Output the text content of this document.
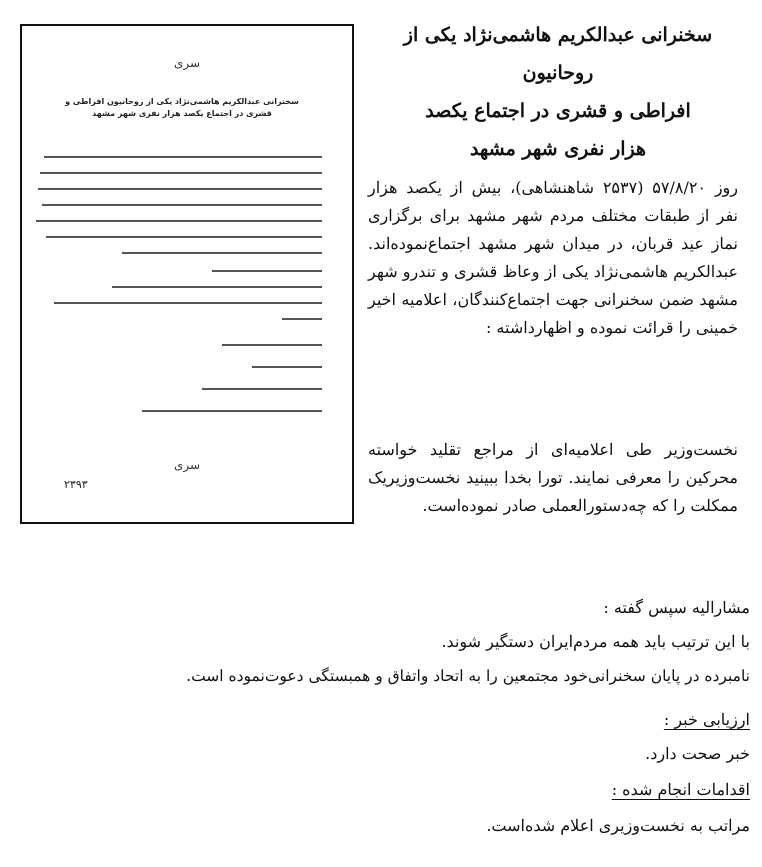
سری
سخنرانی عبدالکریم هاشمی‌نژاد یکی از روحانیون افراطی و قشری در اجتماع یکصد هزار نفری شهر مشهد
سری
۲۳۹۳
سخنرانی عبدالکریم هاشمی‌نژاد یکی از روحانیون
افراطی و قشری در اجتماع یکصد
هزار نفری شهر مشهد
روز ۵۷/۸/۲۰ (۲۵۳۷ شاهنشاهی)، بیش از یکصد هزار نفر از طبقات مختلف مردم شهر مشهد برای برگزاری نماز عید قربان، در میدان شهر مشهد اجتماع‌نموده‌اند. عبدالکریم هاشمی‌نژاد یکی از وعاظ قشری و تندرو شهر مشهد ضمن سخنرانی جهت اجتماع‌کنندگان، اعلامیه اخیر خمینی را قرائت نموده و اظهارداشته :
نخست‌وزیر طی اعلامیه‌ای از مراجع تقلید خواسته محرکین را معرفی نمایند. تورا بخدا ببینید نخست‌وزیریک ممکلت را که چه‌دستورالعملی صادر نموده‌است.
مشارالیه سپس گفته :
با این ترتیب باید همه مردم‌ایران دستگیر شوند.
نامبرده در پایان سخنرانی‌خود مجتمعین را به اتحاد واتفاق و همبستگی دعوت‌نموده است.
ارزیابی خبر :
خبر صحت دارد.
اقدامات انجام شده :
مراتب به نخست‌وزیری اعلام شده‌است.
